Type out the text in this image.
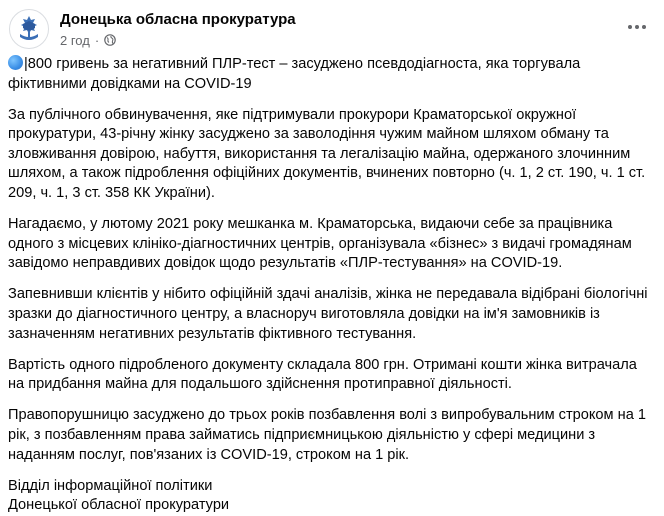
Донецька обласна прокуратура
2 год ·

|800 гривень за негативний ПЛР-тест – засуджено псевдодіагноста, яка торгувала фіктивними довідками на COVID-19

За публічного обвинувачення, яке підтримували прокурори Краматорської окружної прокуратури, 43-річну жінку засуджено за заволодіння чужим майном шляхом обману та зловживання довірою, набуття, використання та легалізацію майна, одержаного злочинним шляхом, а також підроблення офіційних документів, вчинених повторно (ч. 1, 2 ст. 190, ч. 1 ст. 209, ч. 1, 3 ст. 358 КК України).

Нагадаємо, у лютому 2021 року мешканка м. Краматорська, видаючи себе за працівника одного з місцевих клініко-діагностичних центрів, організувала «бізнес» з видачі громадянам завідомо неправдивих довідок щодо результатів «ПЛР-тестування» на COVID-19.

Запевнивши клієнтів у нібито офіційній здачі аналізів, жінка не передавала відібрані біологічні зразки до діагностичного центру, а власноруч виготовляла довідки на ім'я замовників із зазначенням негативних результатів фіктивного тестування.

Вартість одного підробленого документу складала 800 грн. Отримані кошти жінка витрачала на придбання майна для подальшого здійснення протиправної діяльності.

Правопорушницю засуджено до трьох років позбавлення волі з випробувальним строком на 1 рік, з позбавленням права займатись підприємницькою діяльністю у сфері медицини з наданням послуг, пов'язаних із COVID-19, строком на 1 рік.

Відділ інформаційної політики

Донецької обласної прокуратури
